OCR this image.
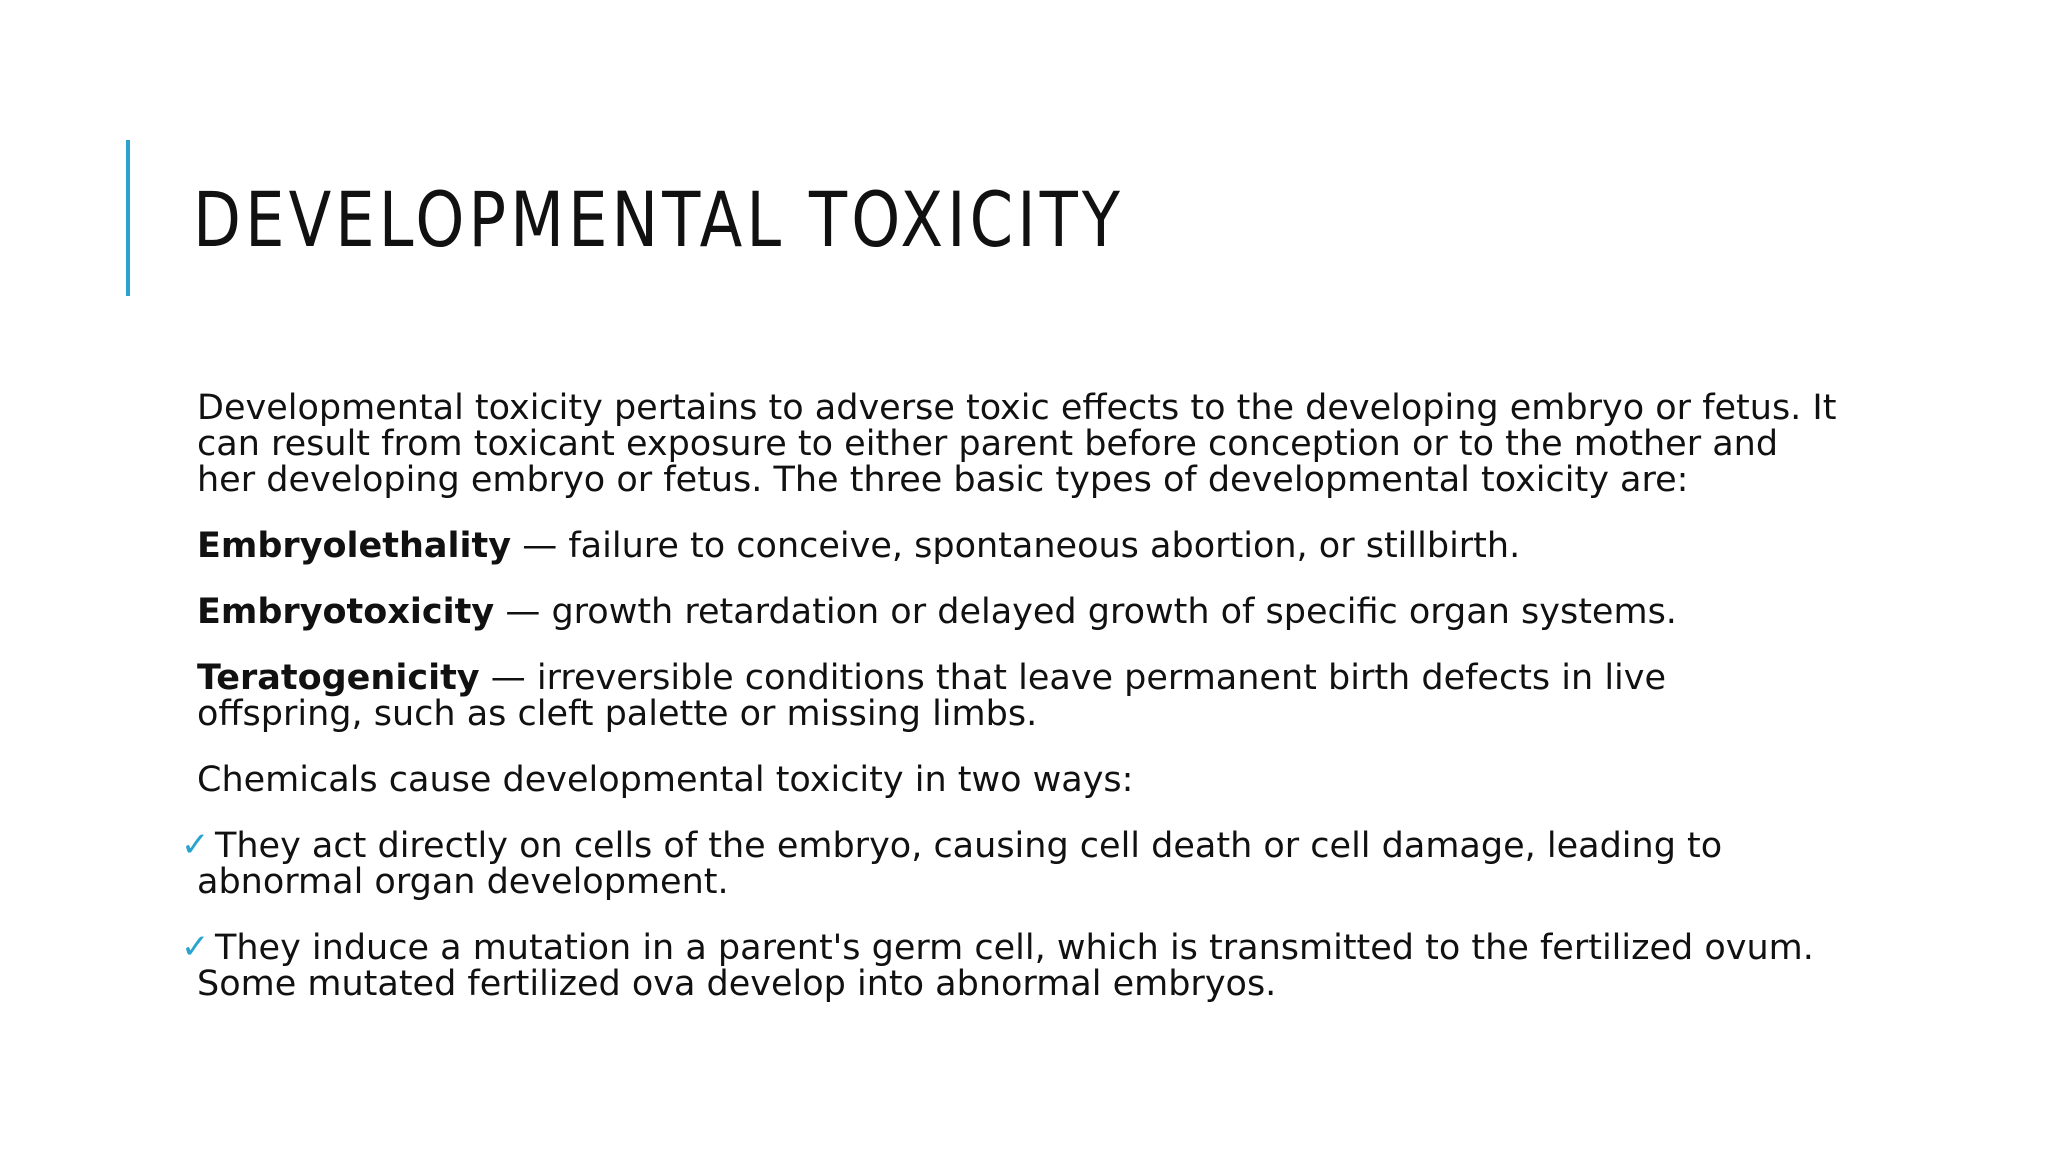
DEVELOPMENTAL TOXICITY

Developmental toxicity pertains to adverse toxic effects to the developing embryo or fetus. It can result from toxicant exposure to either parent before conception or to the mother and her developing embryo or fetus. The three basic types of developmental toxicity are:

Embryolethality — failure to conceive, spontaneous abortion, or stillbirth.

Embryotoxicity — growth retardation or delayed growth of specific organ systems.

Teratogenicity — irreversible conditions that leave permanent birth defects in live offspring, such as cleft palette or missing limbs.

Chemicals cause developmental toxicity in two ways:

✓ They act directly on cells of the embryo, causing cell death or cell damage, leading to
abnormal organ development.

✓ They induce a mutation in a parent's germ cell, which is transmitted to the fertilized ovum.
Some mutated fertilized ova develop into abnormal embryos.
